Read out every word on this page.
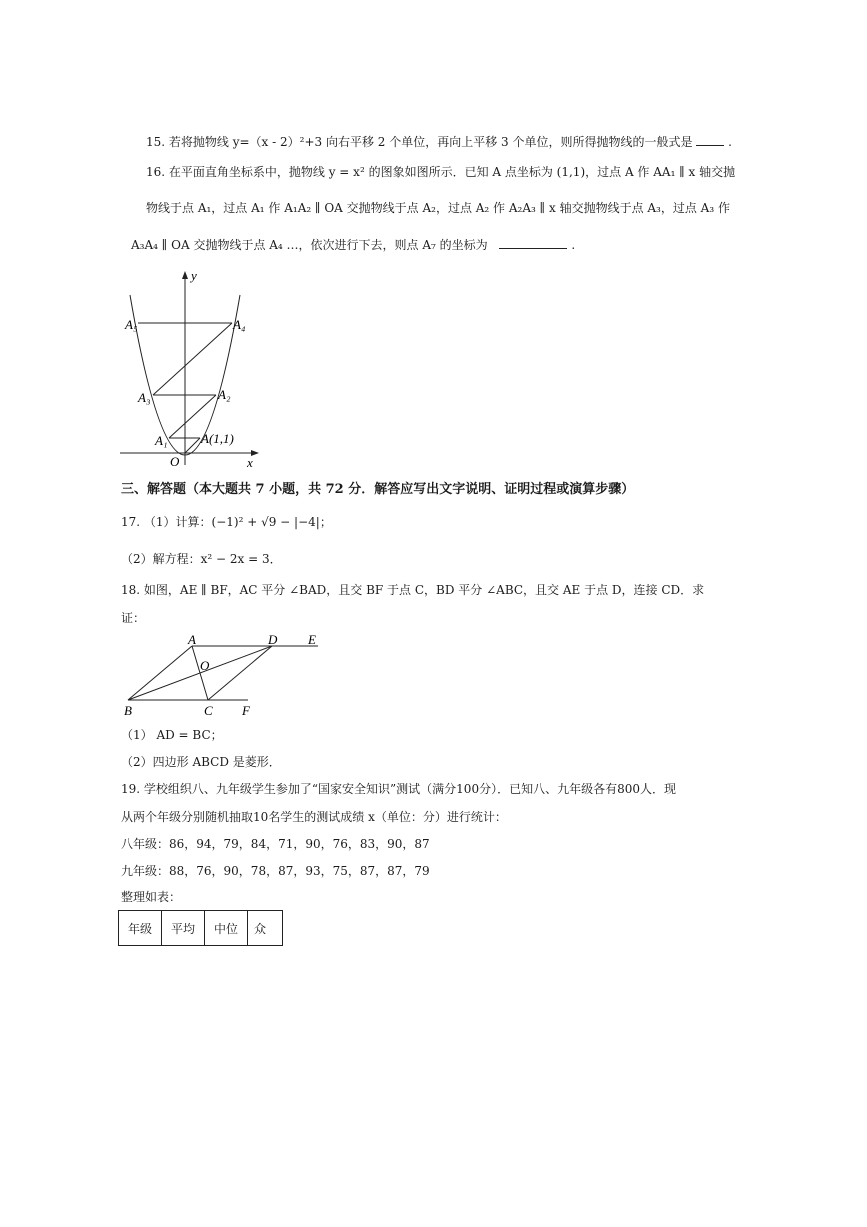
15. 若将抛物线 y=（x - 2）²+3 向右平移 2 个单位，再向上平移 3 个单位，则所得抛物线的一般式是	.
16. 在平面直角坐标系中，抛物线 y = x² 的图象如图所示．已知 A 点坐标为 (1,1)，过点 A 作 AA₁ ∥ x 轴交抛
物线于点 A₁，过点 A₁ 作 A₁A₂ ∥ OA 交抛物线于点 A₂，过点 A₂ 作 A₂A₃ ∥ x 轴交抛物线于点 A₃，过点 A₃ 作
A₃A₄ ∥ OA 交抛物线于点 A₄ …，依次进行下去，则点 A₇ 的坐标为	.
y
x
O
A(1,1)
A₁
A₂
A₃
A₄
A₅
三、解答题（本大题共 7 小题，共 72 分．解答应写出文字说明、证明过程或演算步骤）
17. （1）计算：(−1)² + √9 − |−4|；
（2）解方程：x² − 2x = 3．
18. 如图，AE ∥ BF，AC 平分 ∠BAD，且交 BF 于点 C，BD 平分 ∠ABC，且交 AE 于点 D，连接 CD．求
证：
A	D E
O
B	C F
（1） AD = BC；
（2）四边形 ABCD 是菱形．
19. 学校组织八、九年级学生参加了“国家安全知识”测试（满分100分）．已知八、九年级各有800人．现
从两个年级分别随机抽取10名学生的测试成绩 x（单位：分）进行统计：
八年级：86，94，79，84，71，90，76，83，90，87
九年级：88，76，90，78，87，93，75，87，87，79
整理如表：
年级	平均	中位	众
